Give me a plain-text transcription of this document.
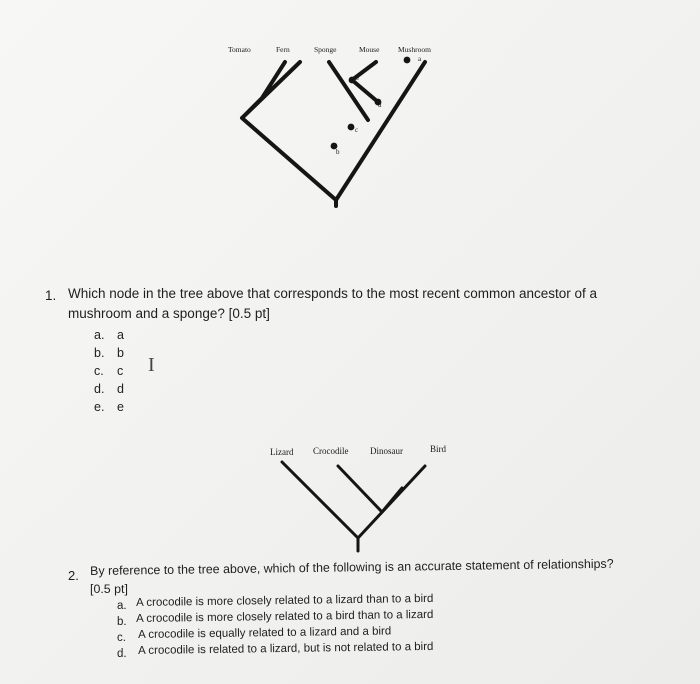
Tomato	Fern	Sponge	Mouse Mushroom
a
e
d
c
b
1. Which node in the tree above that corresponds to the most recent common ancestor of a
mushroom and a sponge? [0.5 pt]
a. a
b. b
c. c
d. d
e. e
I
Lizard Crocodile Dinosaur	Bird
2. By reference to the tree above, which of the following is an accurate statement of relationships?
[0.5 pt]
a. A crocodile is more closely related to a lizard than to a bird
b. A crocodile is more closely related to a bird than to a lizard
c. A crocodile is equally related to a lizard and a bird
d. A crocodile is related to a lizard, but is not related to a bird
